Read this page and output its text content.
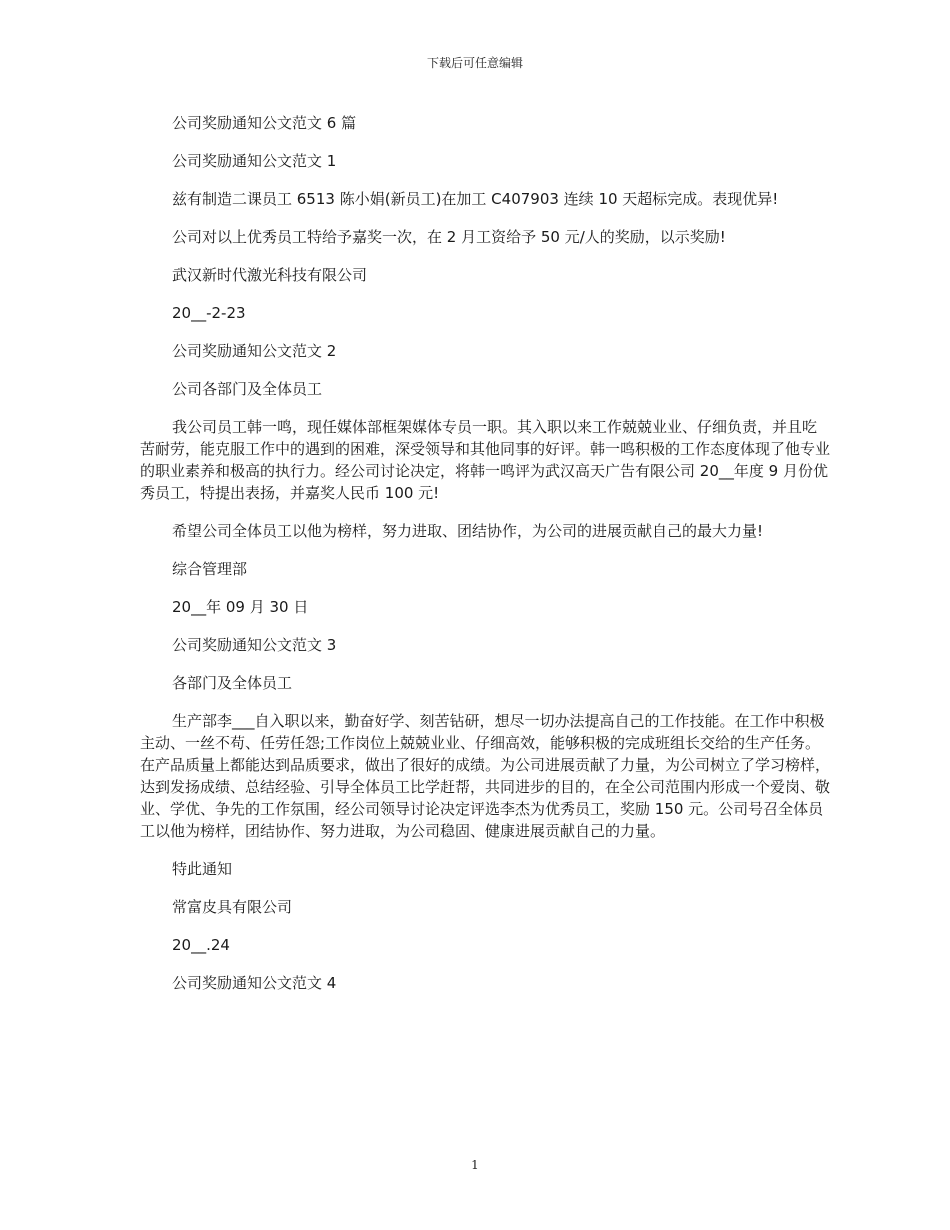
下载后可任意编辑

公司奖励通知公文范文 6 篇

公司奖励通知公文范文 1

兹有制造二课员工 6513 陈小娟(新员工)在加工 C407903 连续 10 天超标完成。表现优异!

公司对以上优秀员工特给予嘉奖一次，在 2 月工资给予 50 元/人的奖励，以示奖励!

武汉新时代激光科技有限公司

20__-2-23

公司奖励通知公文范文 2

公司各部门及全体员工

我公司员工韩一鸣，现任媒体部框架媒体专员一职。其入职以来工作兢兢业业、仔细负责，并且吃苦耐劳，能克服工作中的遇到的困难，深受领导和其他同事的好评。韩一鸣积极的工作态度体现了他专业的职业素养和极高的执行力。经公司讨论决定，将韩一鸣评为武汉高天广告有限公司 20__年度 9 月份优秀员工，特提出表扬，并嘉奖人民币 100 元!

希望公司全体员工以他为榜样，努力进取、团结协作，为公司的进展贡献自己的最大力量!

综合管理部

20__年 09 月 30 日

公司奖励通知公文范文 3

各部门及全体员工

生产部李___自入职以来，勤奋好学、刻苦钻研，想尽一切办法提高自己的工作技能。在工作中积极主动、一丝不苟、任劳任怨;工作岗位上兢兢业业、仔细高效，能够积极的完成班组长交给的生产任务。在产品质量上都能达到品质要求，做出了很好的成绩。为公司进展贡献了力量，为公司树立了学习榜样，达到发扬成绩、总结经验、引导全体员工比学赶帮，共同进步的目的，在全公司范围内形成一个爱岗、敬业、学优、争先的工作氛围，经公司领导讨论决定评选李杰为优秀员工，奖励 150 元。公司号召全体员工以他为榜样，团结协作、努力进取，为公司稳固、健康进展贡献自己的力量。

特此通知

常富皮具有限公司

20__.24

公司奖励通知公文范文 4

1
